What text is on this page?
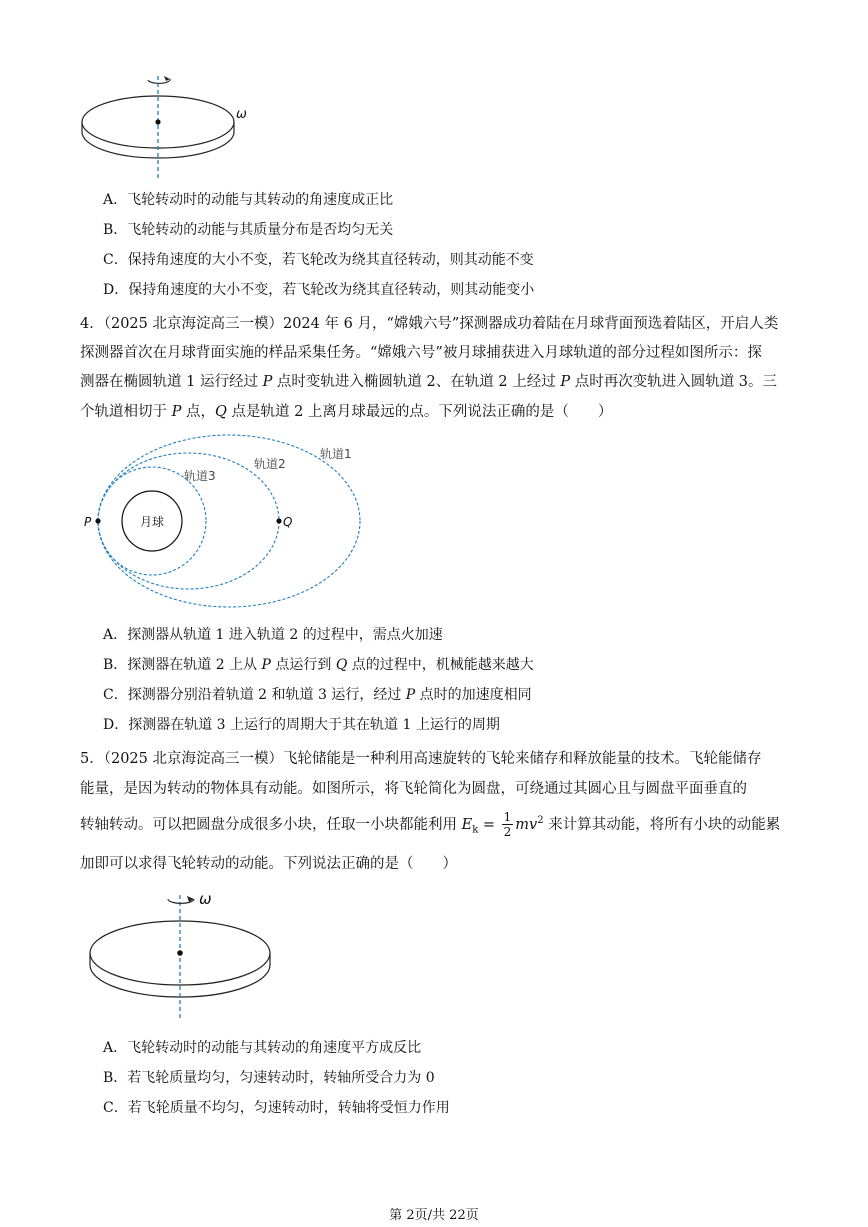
ω
A．飞轮转动时的动能与其转动的角速度成正比
B．飞轮转动的动能与其质量分布是否均匀无关
C．保持角速度的大小不变，若飞轮改为绕其直径转动，则其动能不变
D．保持角速度的大小不变，若飞轮改为绕其直径转动，则其动能变小
4．（2025 北京海淀高三一模）2024 年 6 月，“嫦娥六号”探测器成功着陆在月球背面预选着陆区，开启人类
探测器首次在月球背面实施的样品采集任务。“嫦娥六号”被月球捕获进入月球轨道的部分过程如图所示：探
测器在椭圆轨道 1 运行经过 P 点时变轨进入椭圆轨道 2、在轨道 2 上经过 P 点时再次变轨进入圆轨道 3。三
个轨道相切于 P 点，Q 点是轨道 2 上离月球最远的点。下列说法正确的是（　　）
月球
P	Q
轨道3
轨道2
轨道1
A．探测器从轨道 1 进入轨道 2 的过程中，需点火加速
B．探测器在轨道 2 上从 P 点运行到 Q 点的过程中，机械能越来越大
C．探测器分别沿着轨道 2 和轨道 3 运行，经过 P 点时的加速度相同
D．探测器在轨道 3 上运行的周期大于其在轨道 1 上运行的周期
5．（2025 北京海淀高三一模）飞轮储能是一种利用高速旋转的飞轮来储存和释放能量的技术。飞轮能储存
能量，是因为转动的物体具有动能。如图所示，将飞轮简化为圆盘，可绕通过其圆心且与圆盘平面垂直的
转轴转动。可以把圆盘分成很多小块，任取一小块都能利用 $E_k = \frac{1}{2} mv^2$ 来计算其动能，将所有小块的动能累
加即可以求得飞轮转动的动能。下列说法正确的是（　　）
ω
A．飞轮转动时的动能与其转动的角速度平方成反比
B．若飞轮质量均匀，匀速转动时，转轴所受合力为 0
C．若飞轮质量不均匀，匀速转动时，转轴将受恒力作用
第 2页/共 22页
